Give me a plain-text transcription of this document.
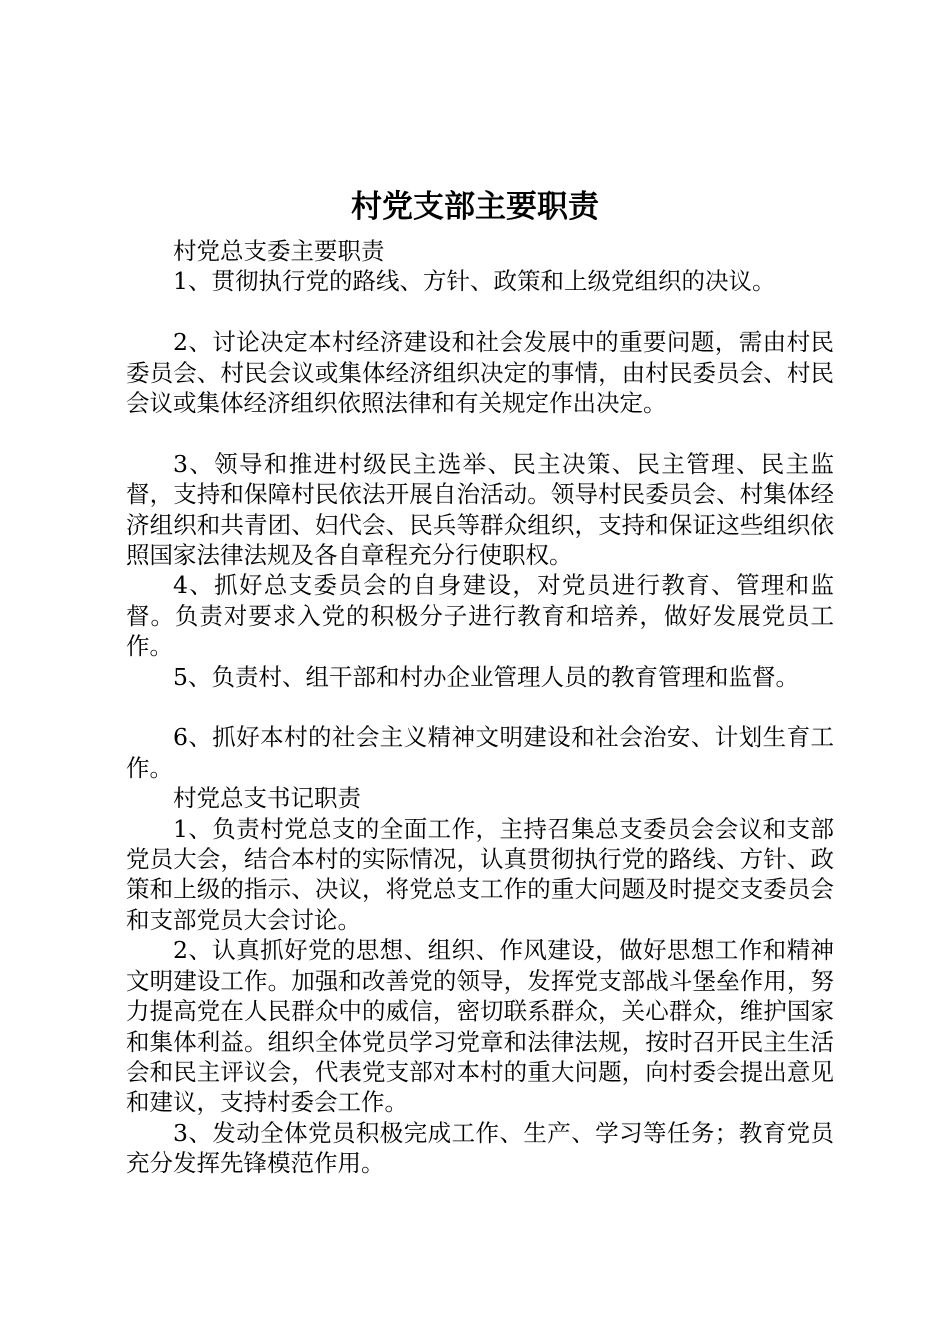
村党支部主要职责

村党总支委主要职责

1、贯彻执行党的路线、方针、政策和上级党组织的决议。

2、讨论决定本村经济建设和社会发展中的重要问题，需由村民委员会、村民会议或集体经济组织决定的事情，由村民委员会、村民会议或集体经济组织依照法律和有关规定作出决定。

3、领导和推进村级民主选举、民主决策、民主管理、民主监督，支持和保障村民依法开展自治活动。领导村民委员会、村集体经济组织和共青团、妇代会、民兵等群众组织，支持和保证这些组织依照国家法律法规及各自章程充分行使职权。

4、抓好总支委员会的自身建设，对党员进行教育、管理和监督。负责对要求入党的积极分子进行教育和培养，做好发展党员工作。

5、负责村、组干部和村办企业管理人员的教育管理和监督。

6、抓好本村的社会主义精神文明建设和社会治安、计划生育工作。

村党总支书记职责

1、负责村党总支的全面工作，主持召集总支委员会会议和支部党员大会，结合本村的实际情况，认真贯彻执行党的路线、方针、政策和上级的指示、决议，将党总支工作的重大问题及时提交支委员会和支部党员大会讨论。

2、认真抓好党的思想、组织、作风建设，做好思想工作和精神文明建设工作。加强和改善党的领导，发挥党支部战斗堡垒作用，努力提高党在人民群众中的威信，密切联系群众，关心群众，维护国家和集体利益。组织全体党员学习党章和法律法规，按时召开民主生活会和民主评议会，代表党支部对本村的重大问题，向村委会提出意见和建议，支持村委会工作。

3、发动全体党员积极完成工作、生产、学习等任务；教育党员充分发挥先锋模范作用。
